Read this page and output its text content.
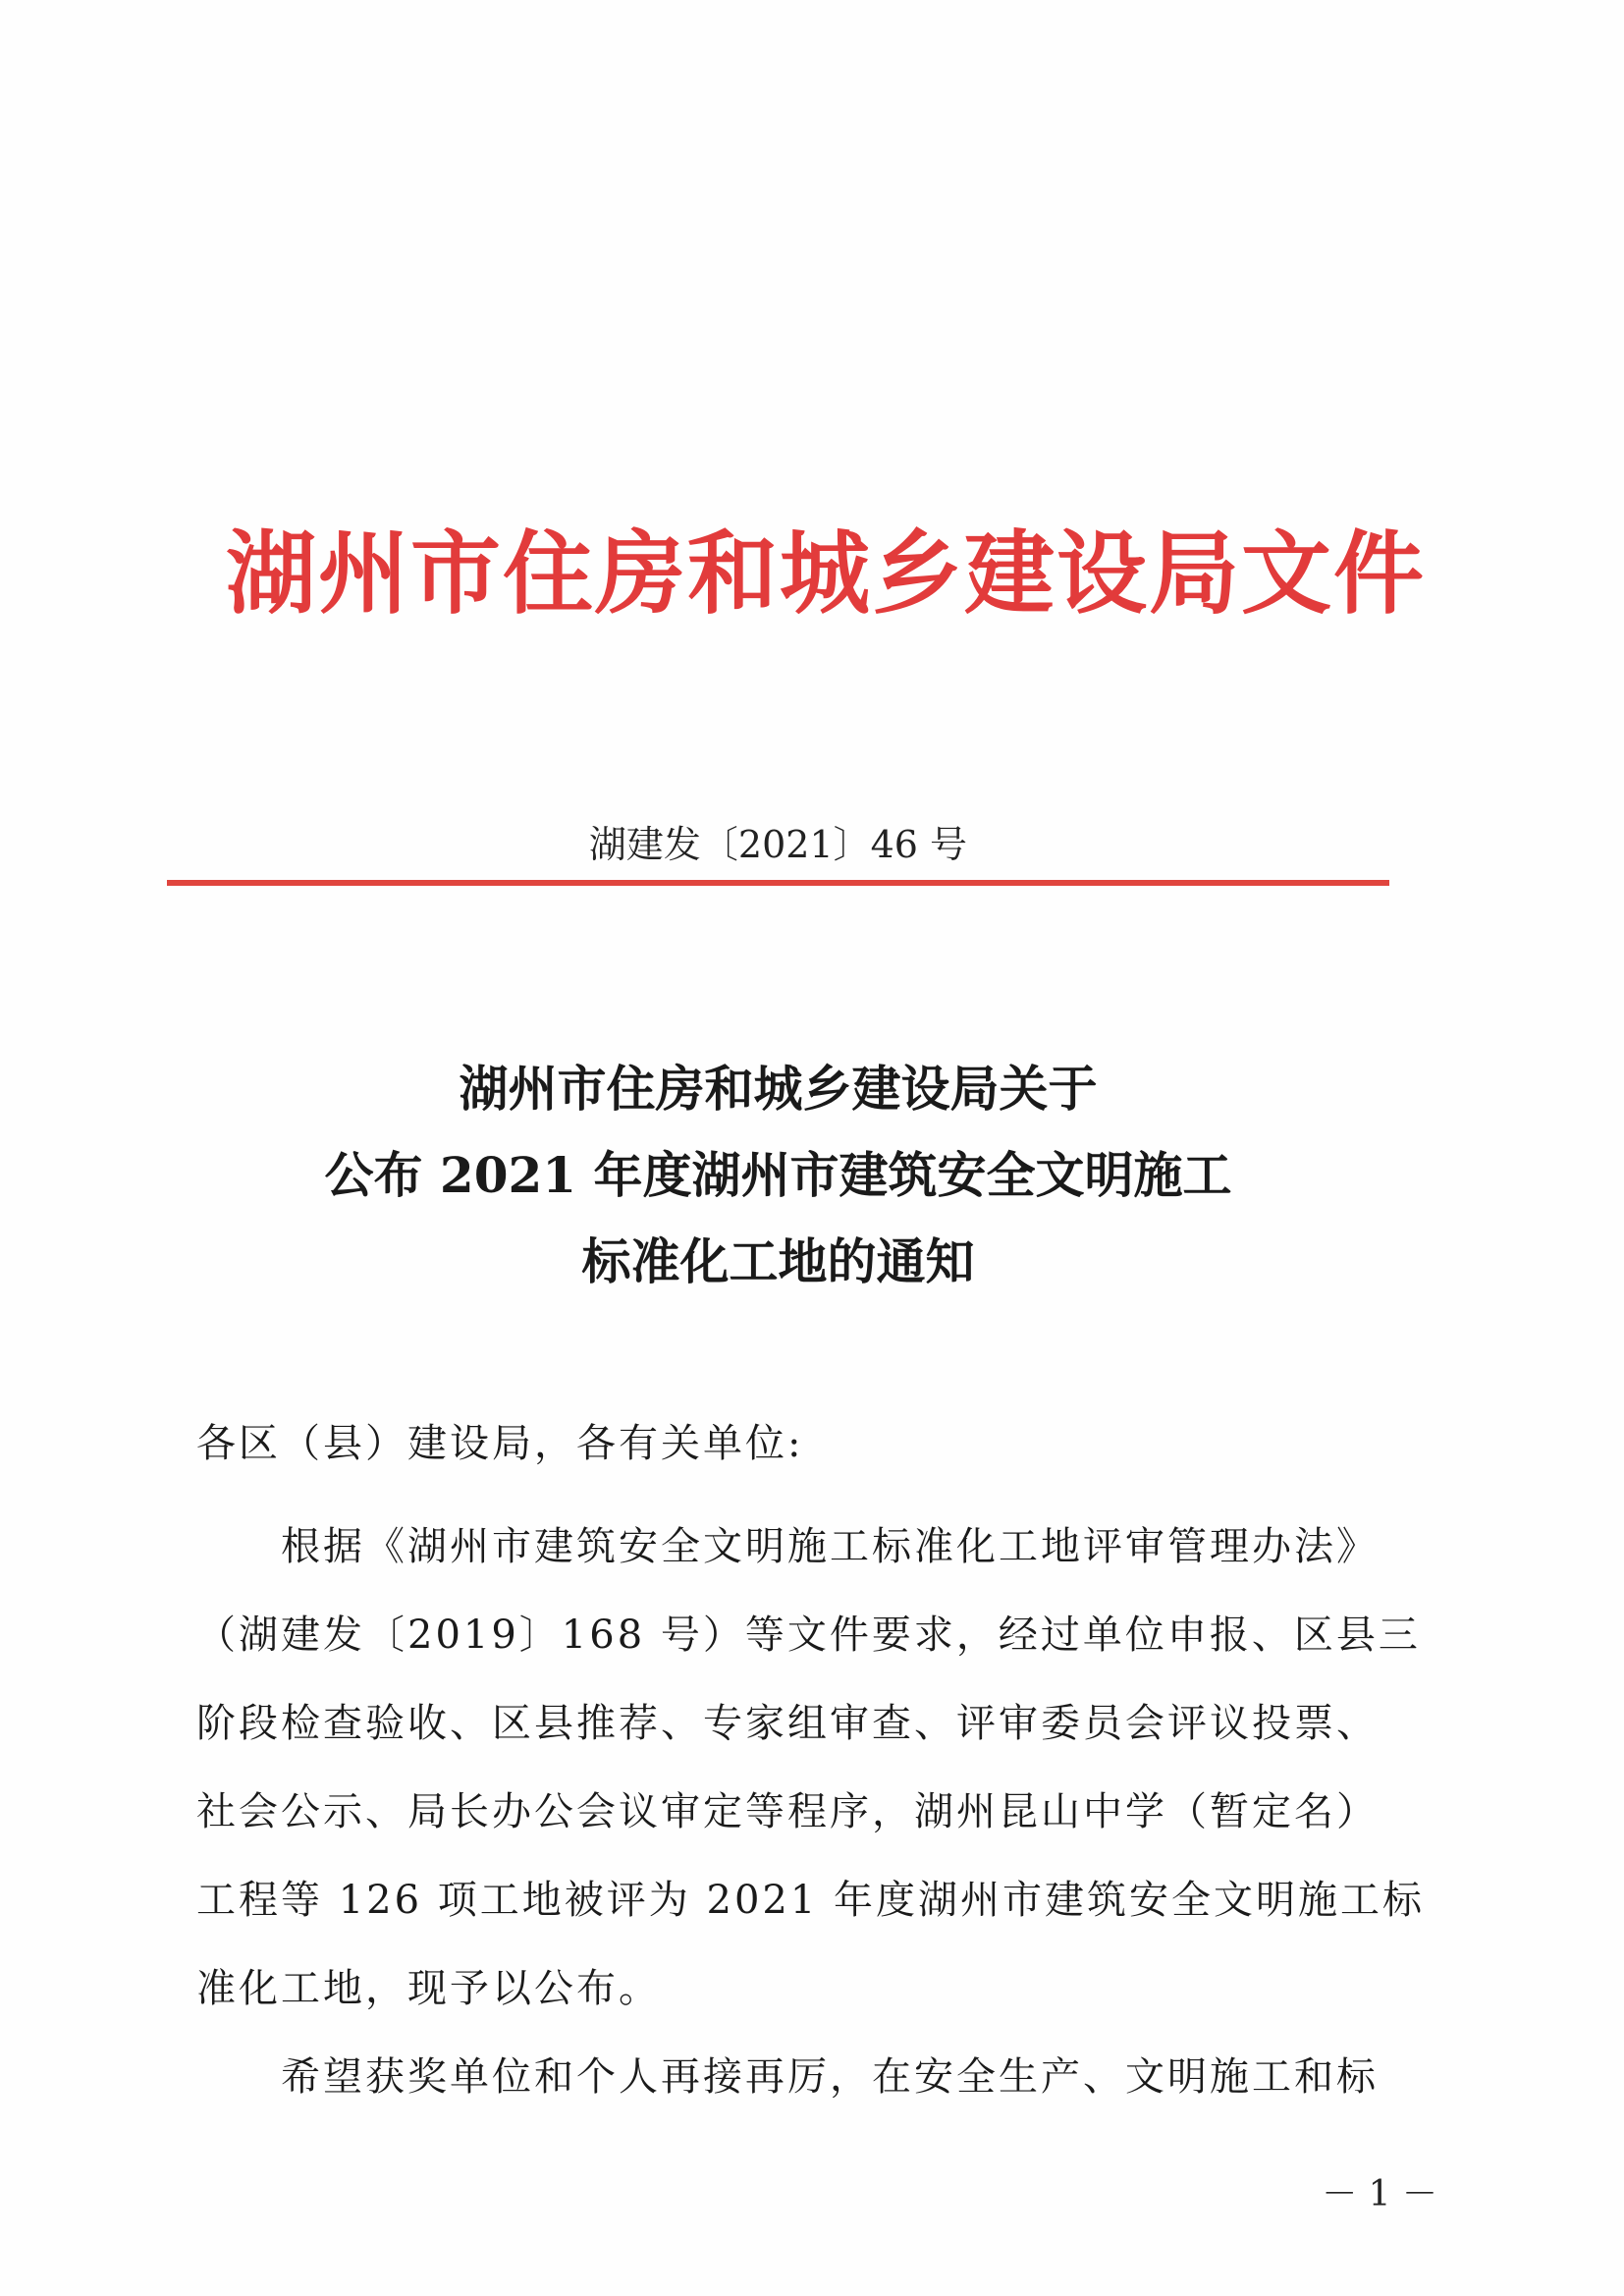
湖州市住房和城乡建设局文件
湖建发〔2021〕46 号
湖州市住房和城乡建设局关于
公布 2021 年度湖州市建筑安全文明施工
标准化工地的通知
各区（县）建设局，各有关单位:
根据《湖州市建筑安全文明施工标准化工地评审管理办法》
（湖建发〔2019〕168 号）等文件要求，经过单位申报、区县三
阶段检查验收、区县推荐、专家组审查、评审委员会评议投票、
社会公示、局长办公会议审定等程序，湖州昆山中学（暂定名）
工程等 126 项工地被评为 2021 年度湖州市建筑安全文明施工标
准化工地，现予以公布。
希望获奖单位和个人再接再厉，在安全生产、文明施工和标
－ 1 －
